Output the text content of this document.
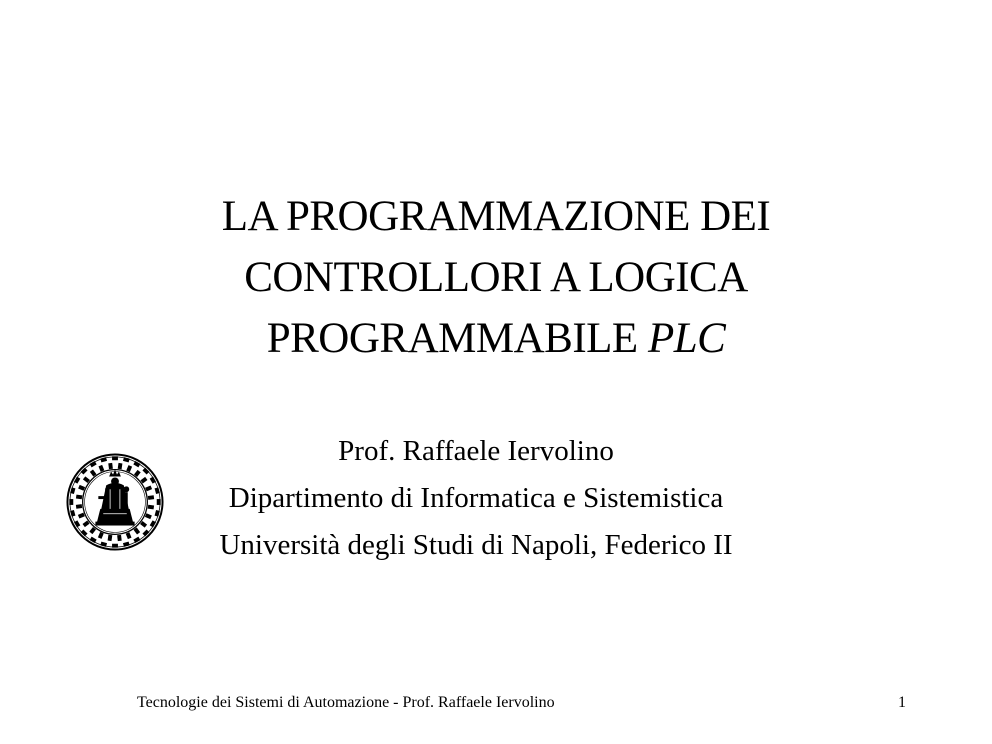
LA PROGRAMMAZIONE DEI
CONTROLLORI A LOGICA
PROGRAMMABILE PLC
Prof. Raffaele Iervolino
Dipartimento di Informatica e Sistemistica
Università degli Studi di Napoli, Federico II
Tecnologie dei Sistemi di Automazione - Prof. Raffaele Iervolino	1
